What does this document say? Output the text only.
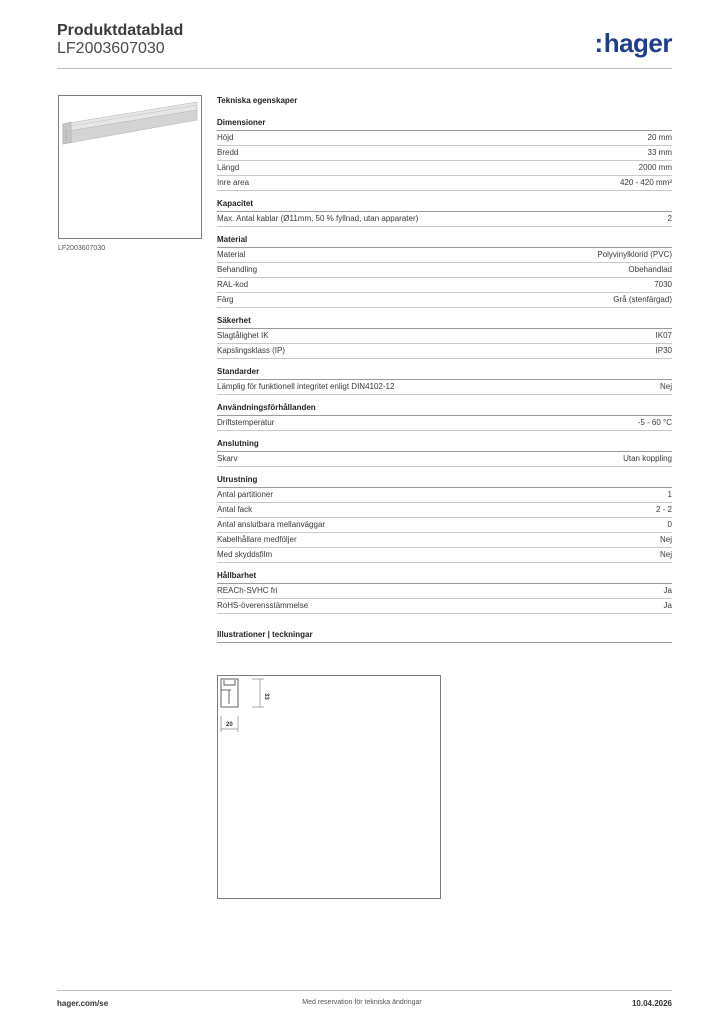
Produktdatablad
LF2003607030	:hager
LF2003607030
Tekniska egenskaper
Dimensioner
Höjd	20 mm
Bredd	33 mm
Längd	2000 mm
Inre area	420 - 420 mm²
Kapacitet
Max. Antal kablar (Ø11mm, 50 % fyllnad, utan apparater)	2
Material
Material	Polyvinylklorid (PVC)
Behandling	Obehandlad
RAL-kod	7030
Färg	Grå (stenfärgad)
Säkerhet
Slagtålighet IK	IK07
Kapslingsklass (IP)	IP30
Standarder
Lämplig för funktionell integritet enligt DIN4102-12	Nej
Användningsförhållanden
Driftstemperatur	-5 - 60 °C
Anslutning
Skarv	Utan koppling
Utrustning
Antal partitioner	1
Antal fack	2 - 2
Antal anslutbara mellanväggar	0
Kabelhållare medföljer	Nej
Med skyddsfilm	Nej
Hållbarhet
REACh-SVHC fri	Ja
RoHS-överensstämmelse	Ja
Illustrationer | teckningar
33
20
hager.com/se	Med reservation för tekniska ändringar	10.04.2026
